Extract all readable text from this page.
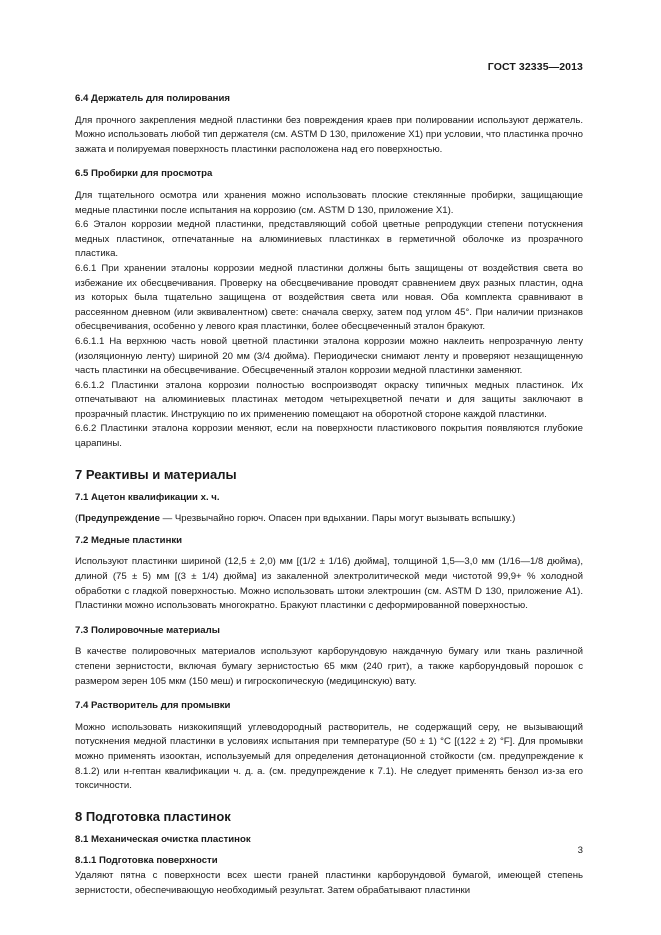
ГОСТ 32335—2013
6.4 Держатель для полирования

Для прочного закрепления медной пластинки без повреждения краев при полировании используют держатель. Можно использовать любой тип держателя (см. ASTM D 130, приложение X1) при условии, что пластинка прочно зажата и полируемая поверхность пластинки расположена над его поверхностью.

6.5 Пробирки для просмотра

Для тщательного осмотра или хранения можно использовать плоские стеклянные пробирки, защищающие медные пластинки после испытания на коррозию (см. ASTM D 130, приложение X1).

6.6 Эталон коррозии медной пластинки, представляющий собой цветные репродукции степени потускнения медных пластинок, отпечатанные на алюминиевых пластинках в герметичной оболочке из прозрачного пластика.

6.6.1 При хранении эталоны коррозии медной пластинки должны быть защищены от воздействия света во избежание их обесцвечивания. Проверку на обесцвечивание проводят сравнением двух разных пластин, одна из которых была тщательно защищена от воздействия света или новая. Оба комплекта сравнивают в рассеянном дневном (или эквивалентном) свете: сначала сверху, затем под углом 45°. При наличии признаков обесцвечивания, особенно у левого края пластинки, более обесцвеченный эталон бракуют.

6.6.1.1 На верхнюю часть новой цветной пластинки эталона коррозии можно наклеить непрозрачную ленту (изоляционную ленту) шириной 20 мм (3/4 дюйма). Периодически снимают ленту и проверяют незащищенную часть пластинки на обесцвечивание. Обесцвеченный эталон коррозии медной пластинки заменяют.

6.6.1.2 Пластинки эталона коррозии полностью воспроизводят окраску типичных медных пластинок. Их отпечатывают на алюминиевых пластинах методом четырехцветной печати и для защиты заключают в прозрачный пластик. Инструкцию по их применению помещают на оборотной стороне каждой пластинки.

6.6.2 Пластинки эталона коррозии меняют, если на поверхности пластикового покрытия появляются глубокие царапины.

7 Реактивы и материалы
7.1 Ацетон квалификации х. ч.

(Предупреждение — Чрезвычайно горюч. Опасен при вдыхании. Пары могут вызывать вспышку.)

7.2 Медные пластинки

Используют пластинки шириной (12,5 ± 2,0) мм [(1/2 ± 1/16) дюйма], толщиной 1,5—3,0 мм (1/16—1/8 дюйма), длиной (75 ± 5) мм [(3 ± 1/4) дюйма] из закаленной электролитической меди чистотой 99,9+ % холодной обработки с гладкой поверхностью. Можно использовать штоки электрошин (см. ASTM D 130, приложение A1). Пластинки можно использовать многократно. Бракуют пластинки с деформированной поверхностью.

7.3 Полировочные материалы

В качестве полировочных материалов используют карборундовую наждачную бумагу или ткань различной степени зернистости, включая бумагу зернистостью 65 мкм (240 грит), а также карборундовый порошок с размером зерен 105 мкм (150 меш) и гигроскопическую (медицинскую) вату.

7.4 Растворитель для промывки

Можно использовать низкокипящий углеводородный растворитель, не содержащий серу, не вызывающий потускнения медной пластинки в условиях испытания при температуре (50 ± 1) °С [(122 ± 2) °F]. Для промывки можно применять изооктан, используемый для определения детонационной стойкости (см. предупреждение к 8.1.2) или н-гептан квалификации ч. д. а. (см. предупреждение к 7.1). Не следует применять бензол из-за его токсичности.

8 Подготовка пластинок
8.1 Механическая очистка пластинок
8.1.1 Подготовка поверхности

Удаляют пятна с поверхности всех шести граней пластинки карборундовой бумагой, имеющей степень зернистости, обеспечивающую необходимый результат. Затем обрабатывают пластинки

3
